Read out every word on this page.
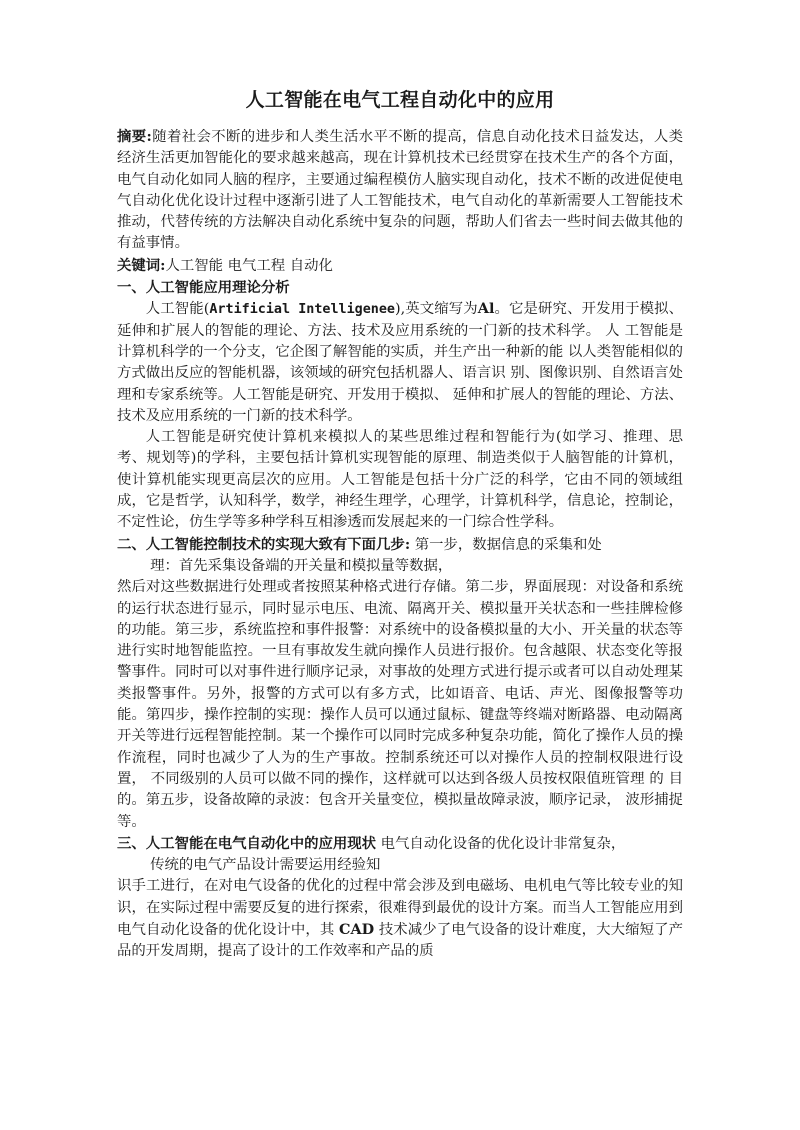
人工智能在电气工程自动化中的应用

摘要:随着社会不断的进步和人类生活水平不断的提高，信息自动化技术日益发达，人类经济生活更加智能化的要求越来越高，现在计算机技术已经贯穿在技术生产的各个方面，电气自动化如同人脑的程序，主要通过编程模仿人脑实现自动化，技术不断的改进促使电气自动化优化设计过程中逐渐引进了人工智能技术，电气自动化的革新需要人工智能技术推动，代替传统的方法解决自动化系统中复杂的问题，帮助人们省去一些时间去做其他的有益事情。

关键词:人工智能 电气工程 自动化

一、人工智能应用理论分析

人工智能(Artificial Intelligenee),英文缩写为Al。它是研究、开发用于模拟、 延伸和扩展人的智能的理论、方法、技术及应用系统的一门新的技术科学。 人 工智能是计算机科学的一个分支，它企图了解智能的实质，并生产出一种新的能 以人类智能相似的方式做出反应的智能机器，该领域的研究包括机器人、语言识 别、图像识别、自然语言处理和专家系统等。人工智能是研究、开发用于模拟、 延伸和扩展人的智能的理论、方法、技术及应用系统的一门新的技术科学。

人工智能是研究使计算机来模拟人的某些思维过程和智能行为(如学习、推理、思考、规划等)的学科，主要包括计算机实现智能的原理、制造类似于人脑智能的计算机，使计算机能实现更高层次的应用。人工智能是包括十分广泛的科学，它由不同的领域组成，它是哲学，认知科学，数学，神经生理学，心理学，计算机科学，信息论，控制论，不定性论，仿生学等多种学科互相渗透而发展起来的一门综合性学科。

二、人工智能控制技术的实现大致有下面几步: 第一步，数据信息的采集和处

理：首先采集设备端的开关量和模拟量等数据，

然后对这些数据进行处理或者按照某种格式进行存储。第二步，界面展现：对设备和系统的运行状态进行显示，同时显示电压、电流、隔离开关、模拟量开关状态和一些挂牌检修的功能。第三步，系统监控和事件报警：对系统中的设备模拟量的大小、开关量的状态等进行实时地智能监控。一旦有事故发生就向操作人员进行报价。包含越限、状态变化等报警事件。同时可以对事件进行顺序记录，对事故的处理方式进行提示或者可以自动处理某类报警事件。另外，报警的方式可以有多方式，比如语音、电话、声光、图像报警等功能。第四步，操作控制的实现：操作人员可以通过鼠标、键盘等终端对断路器、电动隔离开关等进行远程智能控制。某一个操作可以同时完成多种复杂功能，简化了操作人员的操作流程，同时也减少了人为的生产事故。控制系统还可以对操作人员的控制权限进行设置， 不同级别的人员可以做不同的操作，这样就可以达到各级人员按权限值班管理 的 目的。第五步，设备故障的录波：包含开关量变位，模拟量故障录波，顺序记录， 波形捕捉等。

三、人工智能在电气自动化中的应用现状 电气自动化设备的优化设计非常复杂，

传统的电气产品设计需要运用经验知

识手工进行，在对电气设备的优化的过程中常会涉及到电磁场、电机电气等比较专业的知识，在实际过程中需要反复的进行探索，很难得到最优的设计方案。而当人工智能应用到电气自动化设备的优化设计中，其 CAD 技术减少了电气设备的设计难度，大大缩短了产品的开发周期，提高了设计的工作效率和产品的质
